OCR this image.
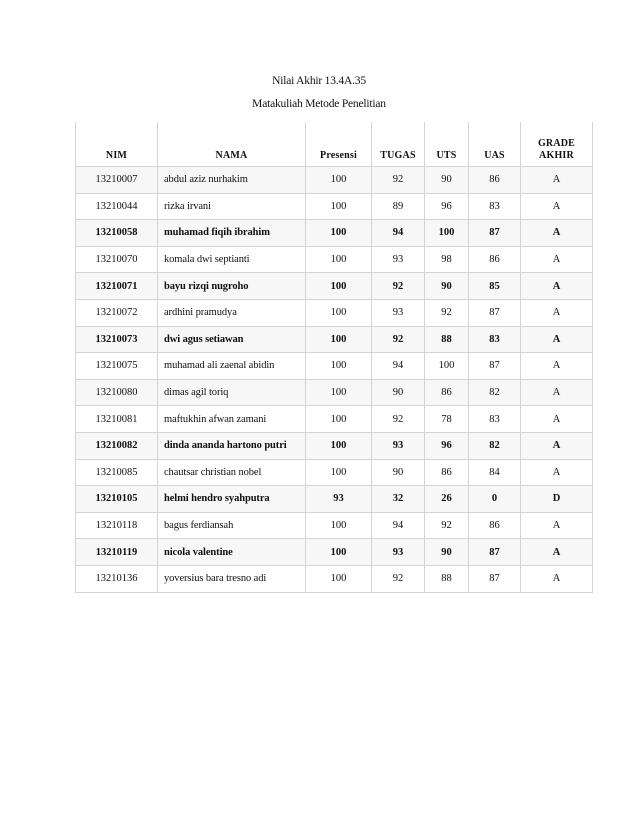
Nilai Akhir 13.4A.35
Matakuliah Metode Penelitian
NIM	NAMA	Presensi	TUGAS	UTS	UAS	GRADE
AKHIR
13210007	abdul aziz nurhakim	100	92	90	86	A
13210044	rizka irvani	100	89	96	83	A
13210058	muhamad fiqih ibrahim	100	94	100	87	A
13210070	komala dwi septianti	100	93	98	86	A
13210071	bayu rizqi nugroho	100	92	90	85	A
13210072	ardhini pramudya	100	93	92	87	A
13210073	dwi agus setiawan	100	92	88	83	A
13210075	muhamad ali zaenal abidin	100	94	100	87	A
13210080	dimas agil toriq	100	90	86	82	A
13210081	maftukhin afwan zamani	100	92	78	83	A
13210082	dinda ananda hartono putri	100	93	96	82	A
13210085	chautsar christian nobel	100	90	86	84	A
13210105	helmi hendro syahputra	93	32	26	0	D
13210118	bagus ferdiansah	100	94	92	86	A
13210119	nicola valentine	100	93	90	87	A
13210136	yoversius bara tresno adi	100	92	88	87	A
